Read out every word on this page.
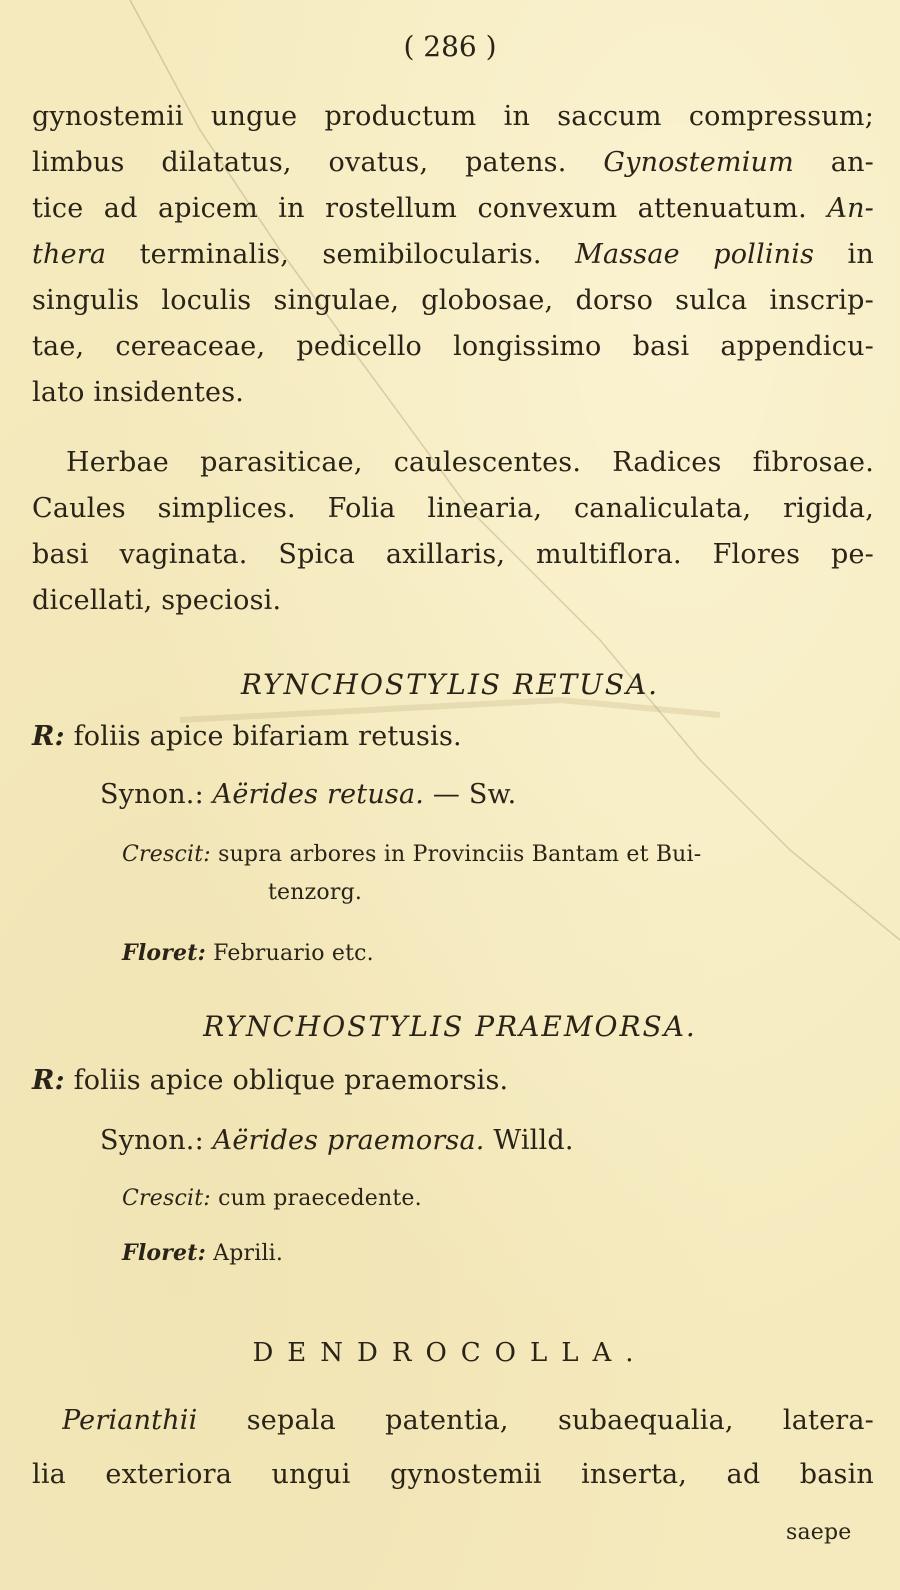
( 286 )
gynostemii ungue productum in saccum compressum;
limbus dilatatus, ovatus, patens. Gynostemium an-
tice ad apicem in rostellum convexum attenuatum. An-
thera terminalis, semibilocularis. Massae pollinis in
singulis loculis singulae, globosae, dorso sulca inscrip-
tae, cereaceae, pedicello longissimo basi appendicu-
lato insidentes.
Herbae parasiticae, caulescentes. Radices fibrosae.
Caules simplices. Folia linearia, canaliculata, rigida,
basi vaginata. Spica axillaris, multiflora. Flores pe-
dicellati, speciosi.
RYNCHOSTYLIS RETUSA.
R: foliis apice bifariam retusis.
Synon.: Aërides retusa. — Sw.
Crescit: supra arbores in Provinciis Bantam et Bui-
tenzorg.
Floret: Februario etc.
RYNCHOSTYLIS PRAEMORSA.
R: foliis apice oblique praemorsis.
Synon.: Aërides praemorsa. Willd.
Crescit: cum praecedente.
Floret: Aprili.
DENDROCOLLA.
Perianthii sepala patentia, subaequalia, latera-
lia exteriora ungui gynostemii inserta, ad basin
saepe
